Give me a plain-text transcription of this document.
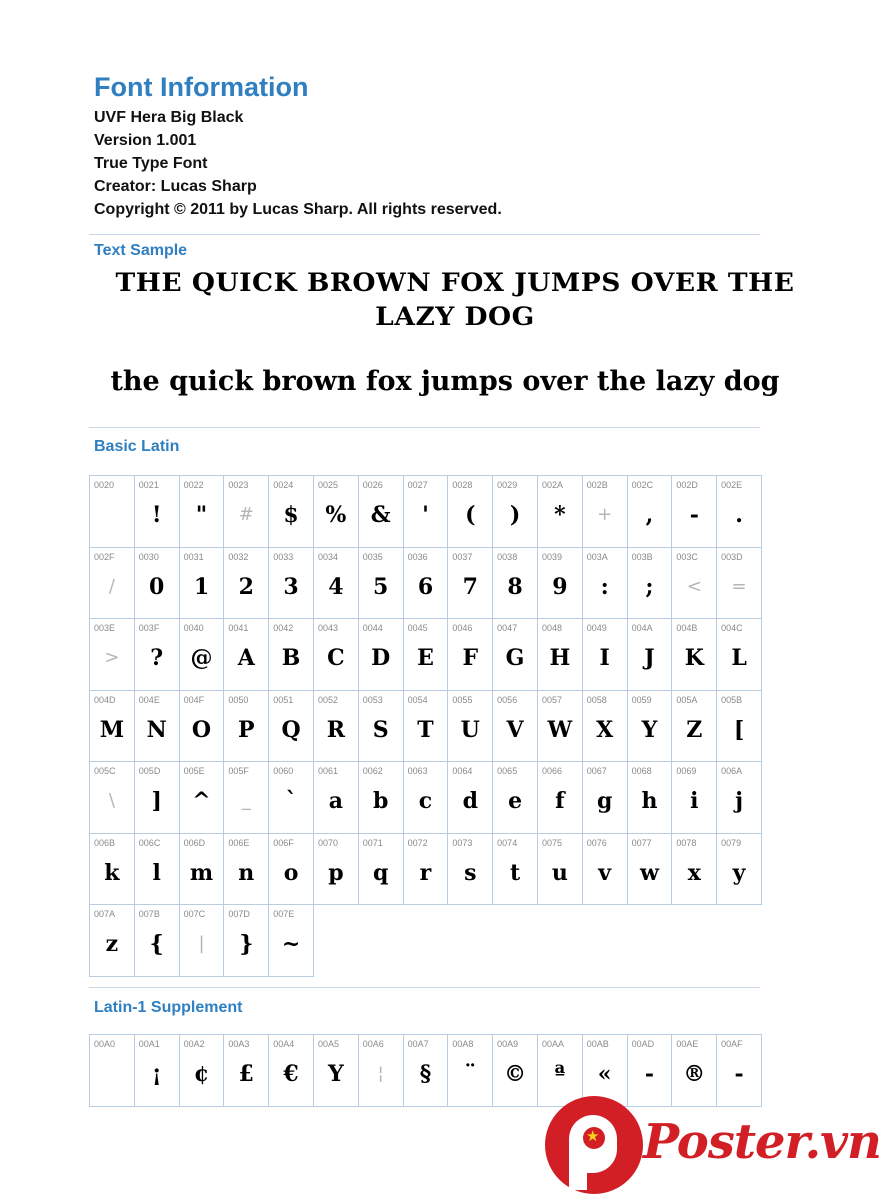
Font Information
UVF Hera Big Black
Version 1.001
True Type Font
Creator: Lucas Sharp
Copyright © 2011 by Lucas Sharp. All rights reserved.
Text Sample
THE QUICK BROWN FOX JUMPS OVER THE LAZY DOG
the quick brown fox jumps over the lazy dog
Basic Latin
0020	0021
!
0022
"
0023
#
0024
$
0025
%
0026
&
0027
'
0028
(
0029
)
002A
*
002B
+
002C
,
002D
-
002E
.
002F
/
0030
0
0031
1
0032
2
0033
3
0034
4
0035
5
0036
6
0037
7
0038
8
0039
9
003A
:
003B
;
003C
<
003D
=
003E
>
003F
?
0040
@
0041
A
0042
B
0043
C
0044
D
0045
E
0046
F
0047
G
0048
H
0049
I
004A
J
004B
K
004C
L
004D
M
004E
N
004F
O
0050
P
0051
Q
0052
R
0053
S
0054
T
0055
U
0056
V
0057
W
0058
X
0059
Y
005A
Z
005B
[
005C
\
005D
]
005E
^
005F
_
0060
`
0061
a
0062
b
0063
c
0064
d
0065
e
0066
f
0067
g
0068
h
0069
i
006A
j
006B
k
006C
l
006D
m
006E
n
006F
o
0070
p
0071
q
0072
r
0073
s
0074
t
0075
u
0076
v
0077
w
0078
x
0079
y
007A
z
007B
{
007C
|
007D
}
007E
~
Latin-1 Supplement
00A0	00A1
¡
00A2
¢
00A3
£
00A4
€
00A5
Y
00A6
¦
00A7
§
00A8
¨
00A9
©
00AA
ª
00AB
«
00AD
-
00AE
®
00AF
-
★ Poster.vn
